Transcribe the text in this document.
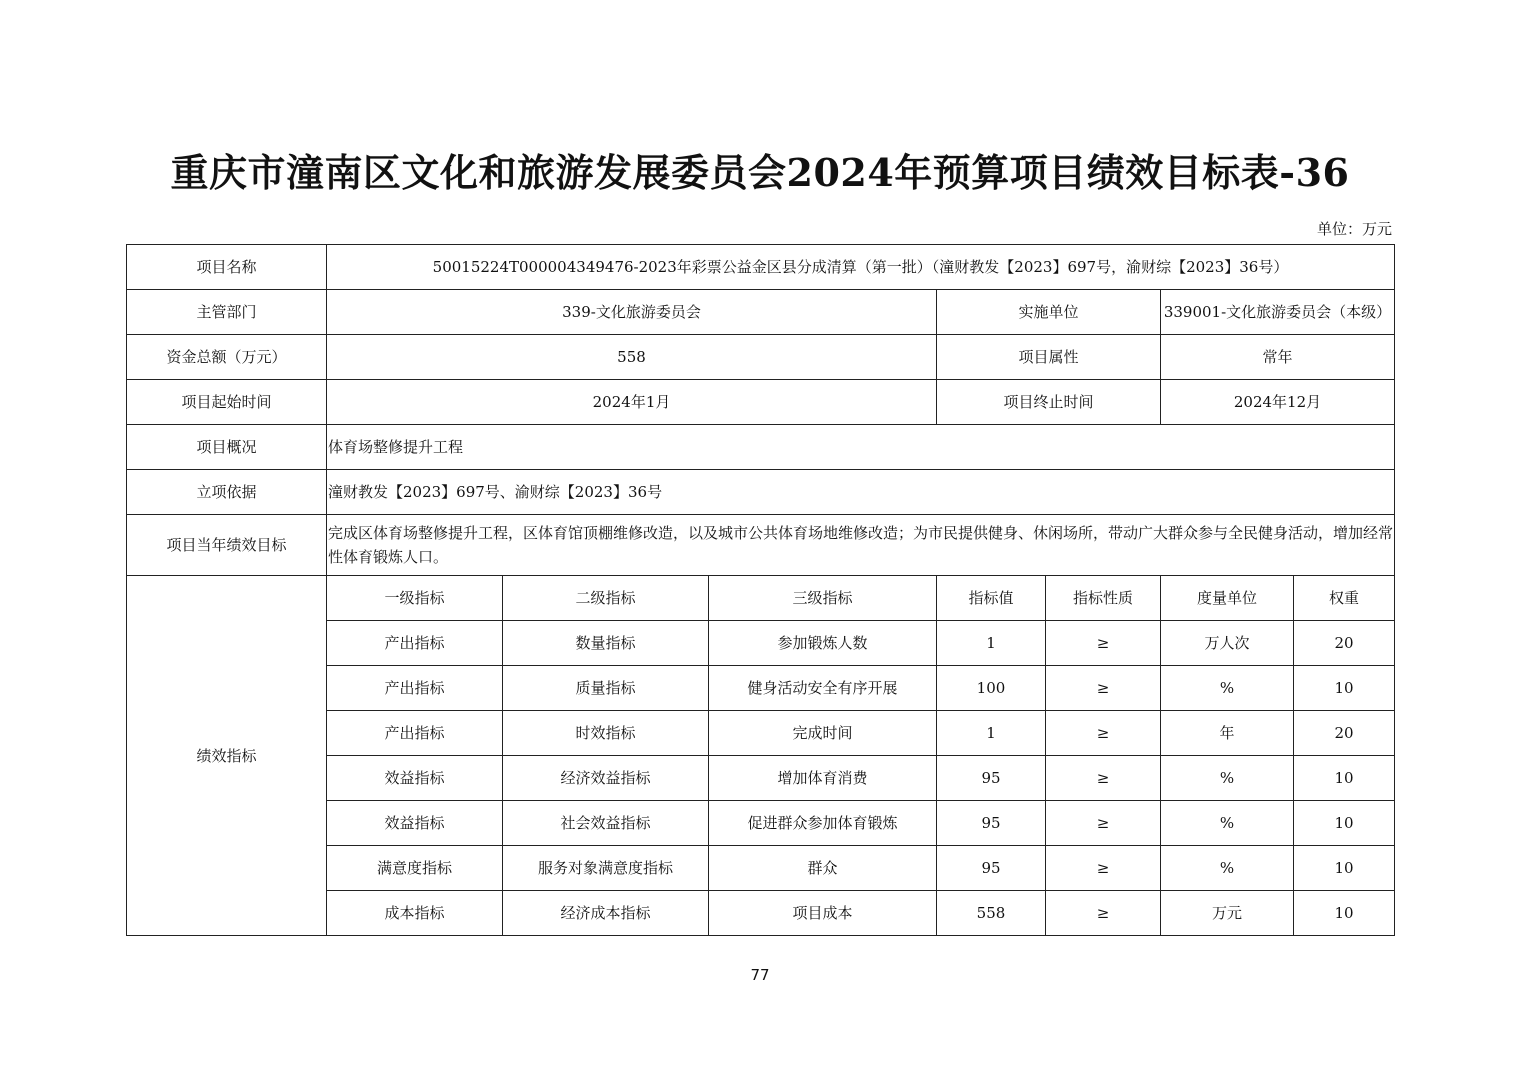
重庆市潼南区文化和旅游发展委员会2024年预算项目绩效目标表-36
单位：万元
项目名称	50015224T000004349476-2023年彩票公益金区县分成清算（第一批）（潼财教发【2023】697号，渝财综【2023】36号）						
主管部门	339-文化旅游委员会			实施单位		339001-文化旅游委员会（本级）	
资金总额（万元）	558			项目属性		常年	
项目起始时间	2024年1月			项目终止时间		2024年12月	
项目概况	体育场整修提升工程						
立项依据	潼财教发【2023】697号、渝财综【2023】36号						
项目当年绩效目标	完成区体育场整修提升工程，区体育馆顶棚维修改造，以及城市公共体育场地维修改造；为市民提供健身、休闲场所，带动广大群众参与全民健身活动，增加经常性体育锻炼人口。						
绩效指标	一级指标	二级指标	三级指标	指标值	指标性质	度量单位	权重
	产出指标	数量指标	参加锻炼人数	1	≥	万人次	20
	产出指标	质量指标	健身活动安全有序开展	100	≥	%	10
	产出指标	时效指标	完成时间	1	≥	年	20
	效益指标	经济效益指标	增加体育消费	95	≥	%	10
	效益指标	社会效益指标	促进群众参加体育锻炼	95	≥	%	10
	满意度指标	服务对象满意度指标	群众	95	≥	%	10
	成本指标	经济成本指标	项目成本	558	≥	万元	10
77
